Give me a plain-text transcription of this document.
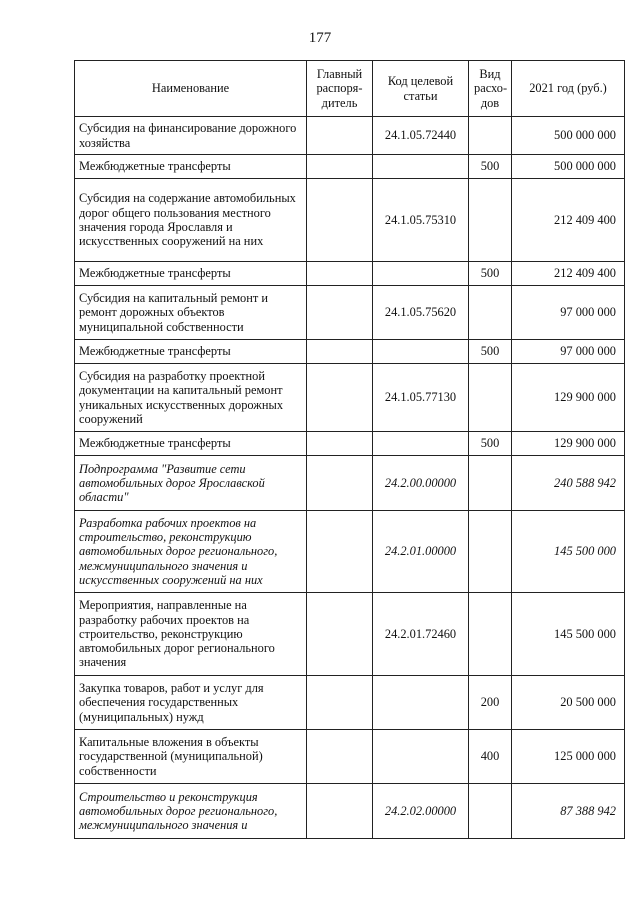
177
Наименование	Главный распоря-дитель	Код целевой статьи	Вид расхо-дов	2021 год (руб.)
Субсидия на финансирование дорожного хозяйства		24.1.05.72440		500 000 000
Межбюджетные трансферты			500	500 000 000
Субсидия на содержание автомобильных дорог общего пользования местного значения города Ярославля и искусственных сооружений на них		24.1.05.75310		212 409 400
Межбюджетные трансферты			500	212 409 400
Субсидия на капитальный ремонт и ремонт дорожных объектов муниципальной собственности		24.1.05.75620		97 000 000
Межбюджетные трансферты			500	97 000 000
Субсидия на разработку проектной документации на капитальный ремонт уникальных искусственных дорожных сооружений		24.1.05.77130		129 900 000
Межбюджетные трансферты			500	129 900 000
Подпрограмма "Развитие сети автомобильных дорог Ярославской области"		24.2.00.00000		240 588 942
Разработка рабочих проектов на строительство, реконструкцию автомобильных дорог регионального, межмуниципального значения и искусственных сооружений на них		24.2.01.00000		145 500 000
Мероприятия, направленные на разработку рабочих проектов на строительство, реконструкцию автомобильных дорог регионального значения		24.2.01.72460		145 500 000
Закупка товаров, работ и услуг для обеспечения государственных (муниципальных) нужд			200	20 500 000
Капитальные вложения в объекты государственной (муниципальной) собственности			400	125 000 000
Строительство и реконструкция автомобильных дорог регионального, межмуниципального значения и		24.2.02.00000		87 388 942
